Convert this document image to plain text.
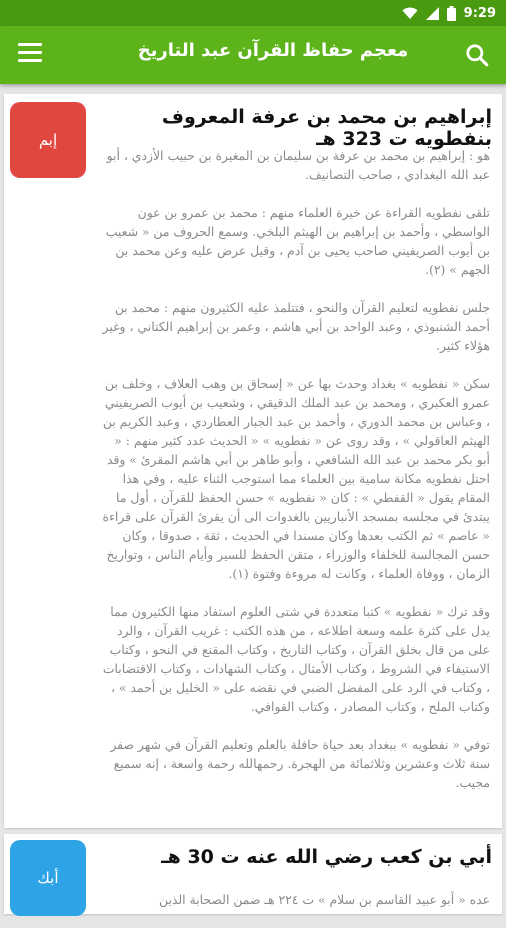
9:29
معجم حفاظ القرآن عبد التاريخ
إبم
إبراهيم بن محمد بن عرفة المعروف بنفطويه ت 323 هـ

هو : إبراهيم بن محمد بن عرفة بن سليمان بن المغيرة بن حبيب الأزدي ، أبو عبد الله البغدادي ، صاحب التصانيف.

تلقى نفطويه القراءة عن خيرة العلماء منهم : محمد بن عمرو بن عون الواسطي ، وأحمد بن إبراهيم بن الهيثم البلخي. وسمع الحروف من « شعيب بن أيوب الصريفيني صاحب يحيى بن آدم ، وقيل عرض عليه وعن محمد بن الجهم » (٢).

جلس نفطويه لتعليم القرآن والنحو ، فتتلمذ عليه الكثيرون منهم : محمد بن أحمد الشنبوذي ، وعبد الواحد بن أبي هاشم ، وعمر بن إبراهيم الكتاني ، وغير هؤلاء كثير.

سكن « نفطويه » بغداد وحدث بها عن « إسحاق بن وهب العلاف ، وخلف بن عمرو العكبري ، ومحمد بن عبد الملك الدقيقي ، وشعيب بن أيوب الصريفيني ، وعباس بن محمد الدوري ، وأحمد بن عبد الجبار العطاردي ، وعبد الكريم بن الهيثم العاقولي » ، وقد روى عن « نفطويه » « الحديث عدد كثير منهم : « أبو بكر محمد بن عبد الله الشافعي ، وأبو طاهر بن أبي هاشم المقرئ » وقد احتل نفطويه مكانة سامية بين العلماء مما استوجب الثناء عليه ، وفي هذا المقام يقول « القفطي » : كان « نفطويه » حسن الحفظ للقرآن ، أول ما يبتدئ في مجلسه بمسجد الأنباريين بالغدوات الى أن يقرئ القرآن على قراءة « عاصم » ثم الكتب بعدها وكان مسندا في الحديث ، ثقة ، صدوقا ، وكان حسن المجالسة للخلفاء والوزراء ، متقن الحفظ للسير وأيام الناس ، وتواريخ الزمان ، ووفاة العلماء ، وكانت له مروءة وفتوة (١).

وقد ترك « نفطويه » كتبا متعددة في شتى العلوم استفاد منها الكثيرون مما يدل على كثرة علمه وسعة اطلاعه ، من هذه الكتب : غريب القرآن ، والرد على من قال بخلق القرآن ، وكتاب التاريخ ، وكتاب المقنع في النحو ، وكتاب الاستيفاء في الشروط ، وكتاب الأمثال ، وكتاب الشهادات ، وكتاب الاقتضابات ، وكتاب في الرد على المفضل الضبي في نقضه على « الخليل بن أحمد » ، وكتاب الملح ، وكتاب المصادر ، وكتاب القوافي.

توفي « نفطويه » ببغداد بعد حياة حافلة بالعلم وتعليم القرآن في شهر صفر سنة ثلاث وعشرين وثلاثمائة من الهجرة. رحمهالله رحمة واسعة ، إنه سميع مجيب.

أبك
أبي بن كعب رضي الله عنه ت 30 هـ

عده « أبو عبيد القاسم بن سلام » ت ٢٢٤ هـ ضمن الصحابة الذين
